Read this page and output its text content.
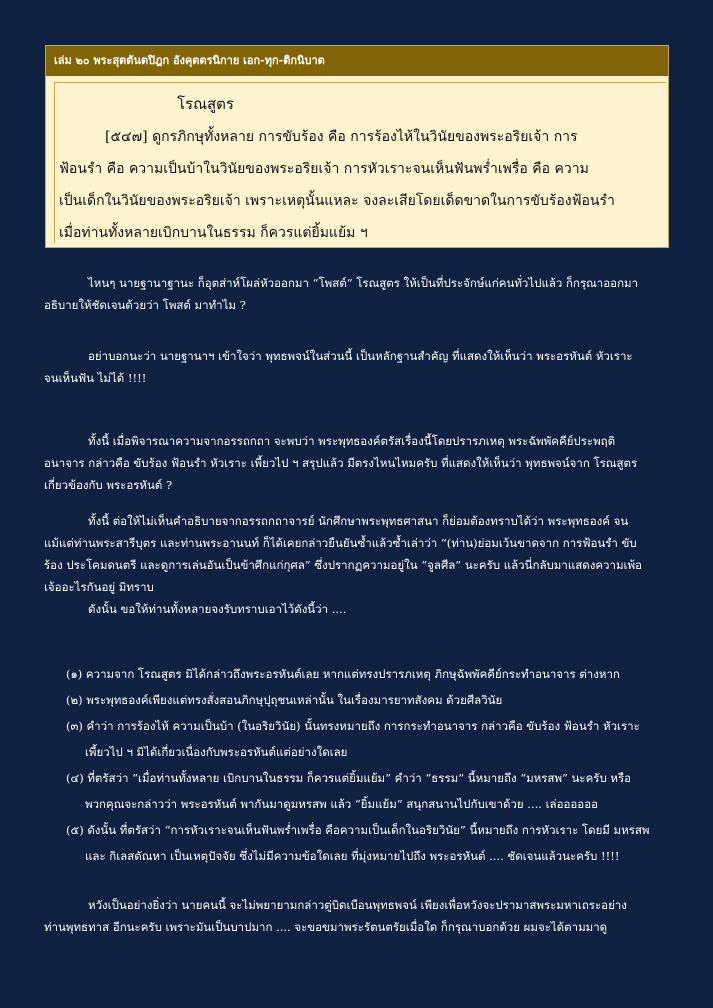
เล่ม ๒๐ พระสุตตันตปิฎก อังคุตตรนิกาย เอก-ทุก-ติกนิบาต
โรณสูตร
[๕๔๗] ดูกรภิกษุทั้งหลาย การขับร้อง คือ การร้องไห้ในวินัยของพระอริยเจ้า การ
ฟ้อนรำ คือ ความเป็นบ้าในวินัยของพระอริยเจ้า การหัวเราะจนเห็นฟันพร่ำเพรื่อ คือ ความ
เป็นเด็กในวินัยของพระอริยเจ้า เพราะเหตุนั้นแหละ จงละเสียโดยเด็ดขาดในการขับร้องฟ้อนรำ
เมื่อท่านทั้งหลายเบิกบานในธรรม ก็ควรแต่ยิ้มแย้ม ฯ
ไหนๆ นายฐานาฐานะ ก็อุตส่าห์โผล่หัวออกมา “โพสต์” โรณสูตร ให้เป็นที่ประจักษ์แก่คนทั่วไปแล้ว ก็กรุณาออกมา
อธิบายให้ชัดเจนด้วยว่า โพสต์ มาทำไม ?
อย่าบอกนะว่า นายฐานาฯ เข้าใจว่า พุทธพจน์ในส่วนนี้ เป็นหลักฐานสำคัญ ที่แสดงให้เห็นว่า พระอรหันต์ หัวเราะ
จนเห็นฟัน ไม่ได้ !!!!
ทั้งนี้ เมื่อพิจารณาความจากอรรถกถา จะพบว่า พระพุทธองค์ตรัสเรื่องนี้โดยปรารภเหตุ พระฉัพพัคคีย์ประพฤติ
อนาจาร กล่าวคือ ขับร้อง ฟ้อนรำ หัวเราะ เพี้ยวไป ฯ สรุปแล้ว มีตรงไหนไหมครับ ที่แสดงให้เห็นว่า พุทธพจน์จาก โรณสูตร
เกี่ยวข้องกับ พระอรหันต์ ?
ทั้งนี้ ต่อให้ไม่เห็นคำอธิบายจากอรรถกถาจารย์ นักศึกษาพระพุทธศาสนา ก็ย่อมต้องทราบได้ว่า พระพุทธองค์ จน
แม้แต่ท่านพระสารีบุตร และท่านพระอานนท์ ก็ได้เคยกล่าวยืนยันซ้ำแล้วซ้ำเล่าว่า “(ท่าน)ย่อมเว้นขาดจาก การฟ้อนรำ ขับ
ร้อง ประโคมดนตรี และดูการเล่นอันเป็นข้าศึกแก่กุศล” ซึ่งปรากฏความอยู่ใน “จูลศีล” นะครับ แล้วนี่กลับมาแสดงความเพ้อ
เจ้ออะไรกันอยู่ มิทราบ
ดังนั้น ขอให้ท่านทั้งหลายจงรับทราบเอาไว้ดังนี้ว่า ....
(๑) ความจาก โรณสูตร มิได้กล่าวถึงพระอรหันต์เลย หากแต่ทรงปรารภเหตุ ภิกษุฉัพพัคคีย์กระทำอนาจาร ต่างหาก
(๒) พระพุทธองค์เพียงแต่ทรงสั่งสอนภิกษุปุถุชนเหล่านั้น ในเรื่องมารยาทสังคม ด้วยศีลวินัย
(๓) คำว่า การร้องไห้ ความเป็นบ้า (ในอริยวินัย) นั้นทรงหมายถึง การกระทำอนาจาร กล่าวคือ ขับร้อง ฟ้อนรำ หัวเราะ
เพี้ยวไป ฯ มิได้เกี่ยวเนื่องกับพระอรหันต์แต่อย่างใดเลย
(๔) ที่ตรัสว่า “เมื่อท่านทั้งหลาย เบิกบานในธรรม ก็ควรแต่ยิ้มแย้ม” คำว่า “ธรรม” นี้หมายถึง “มหรสพ” นะครับ หรือ
พวกคุณจะกล่าวว่า พระอรหันต์ พากันมาดูมหรสพ แล้ว “ยิ้มแย้ม” สนุกสนานไปกับเขาด้วย .... เล่ออออออ
(๕) ดังนั้น ที่ตรัสว่า “การหัวเราะจนเห็นฟันพร่ำเพรื่อ คือความเป็นเด็กในอริยวินัย” นี้หมายถึง การหัวเราะ โดยมี มหรสพ
และ กิเลสตัณหา เป็นเหตุปัจจัย ซึ่งไม่มีความข้อใดเลย ที่มุ่งหมายไปถึง พระอรหันต์ .... ชัดเจนแล้วนะครับ !!!!
หวังเป็นอย่างยิ่งว่า นายคนนี้ จะไม่พยายามกล่าวตู่บิดเบือนพุทธพจน์ เพียงเพื่อหวังจะปรามาสพระมหาเถระอย่าง
ท่านพุทธทาส อีกนะครับ เพราะมันเป็นบาปมาก .... จะขอขมาพระรัตนตรัยเมื่อใด ก็กรุณาบอกด้วย ผมจะได้ตามมาดู
